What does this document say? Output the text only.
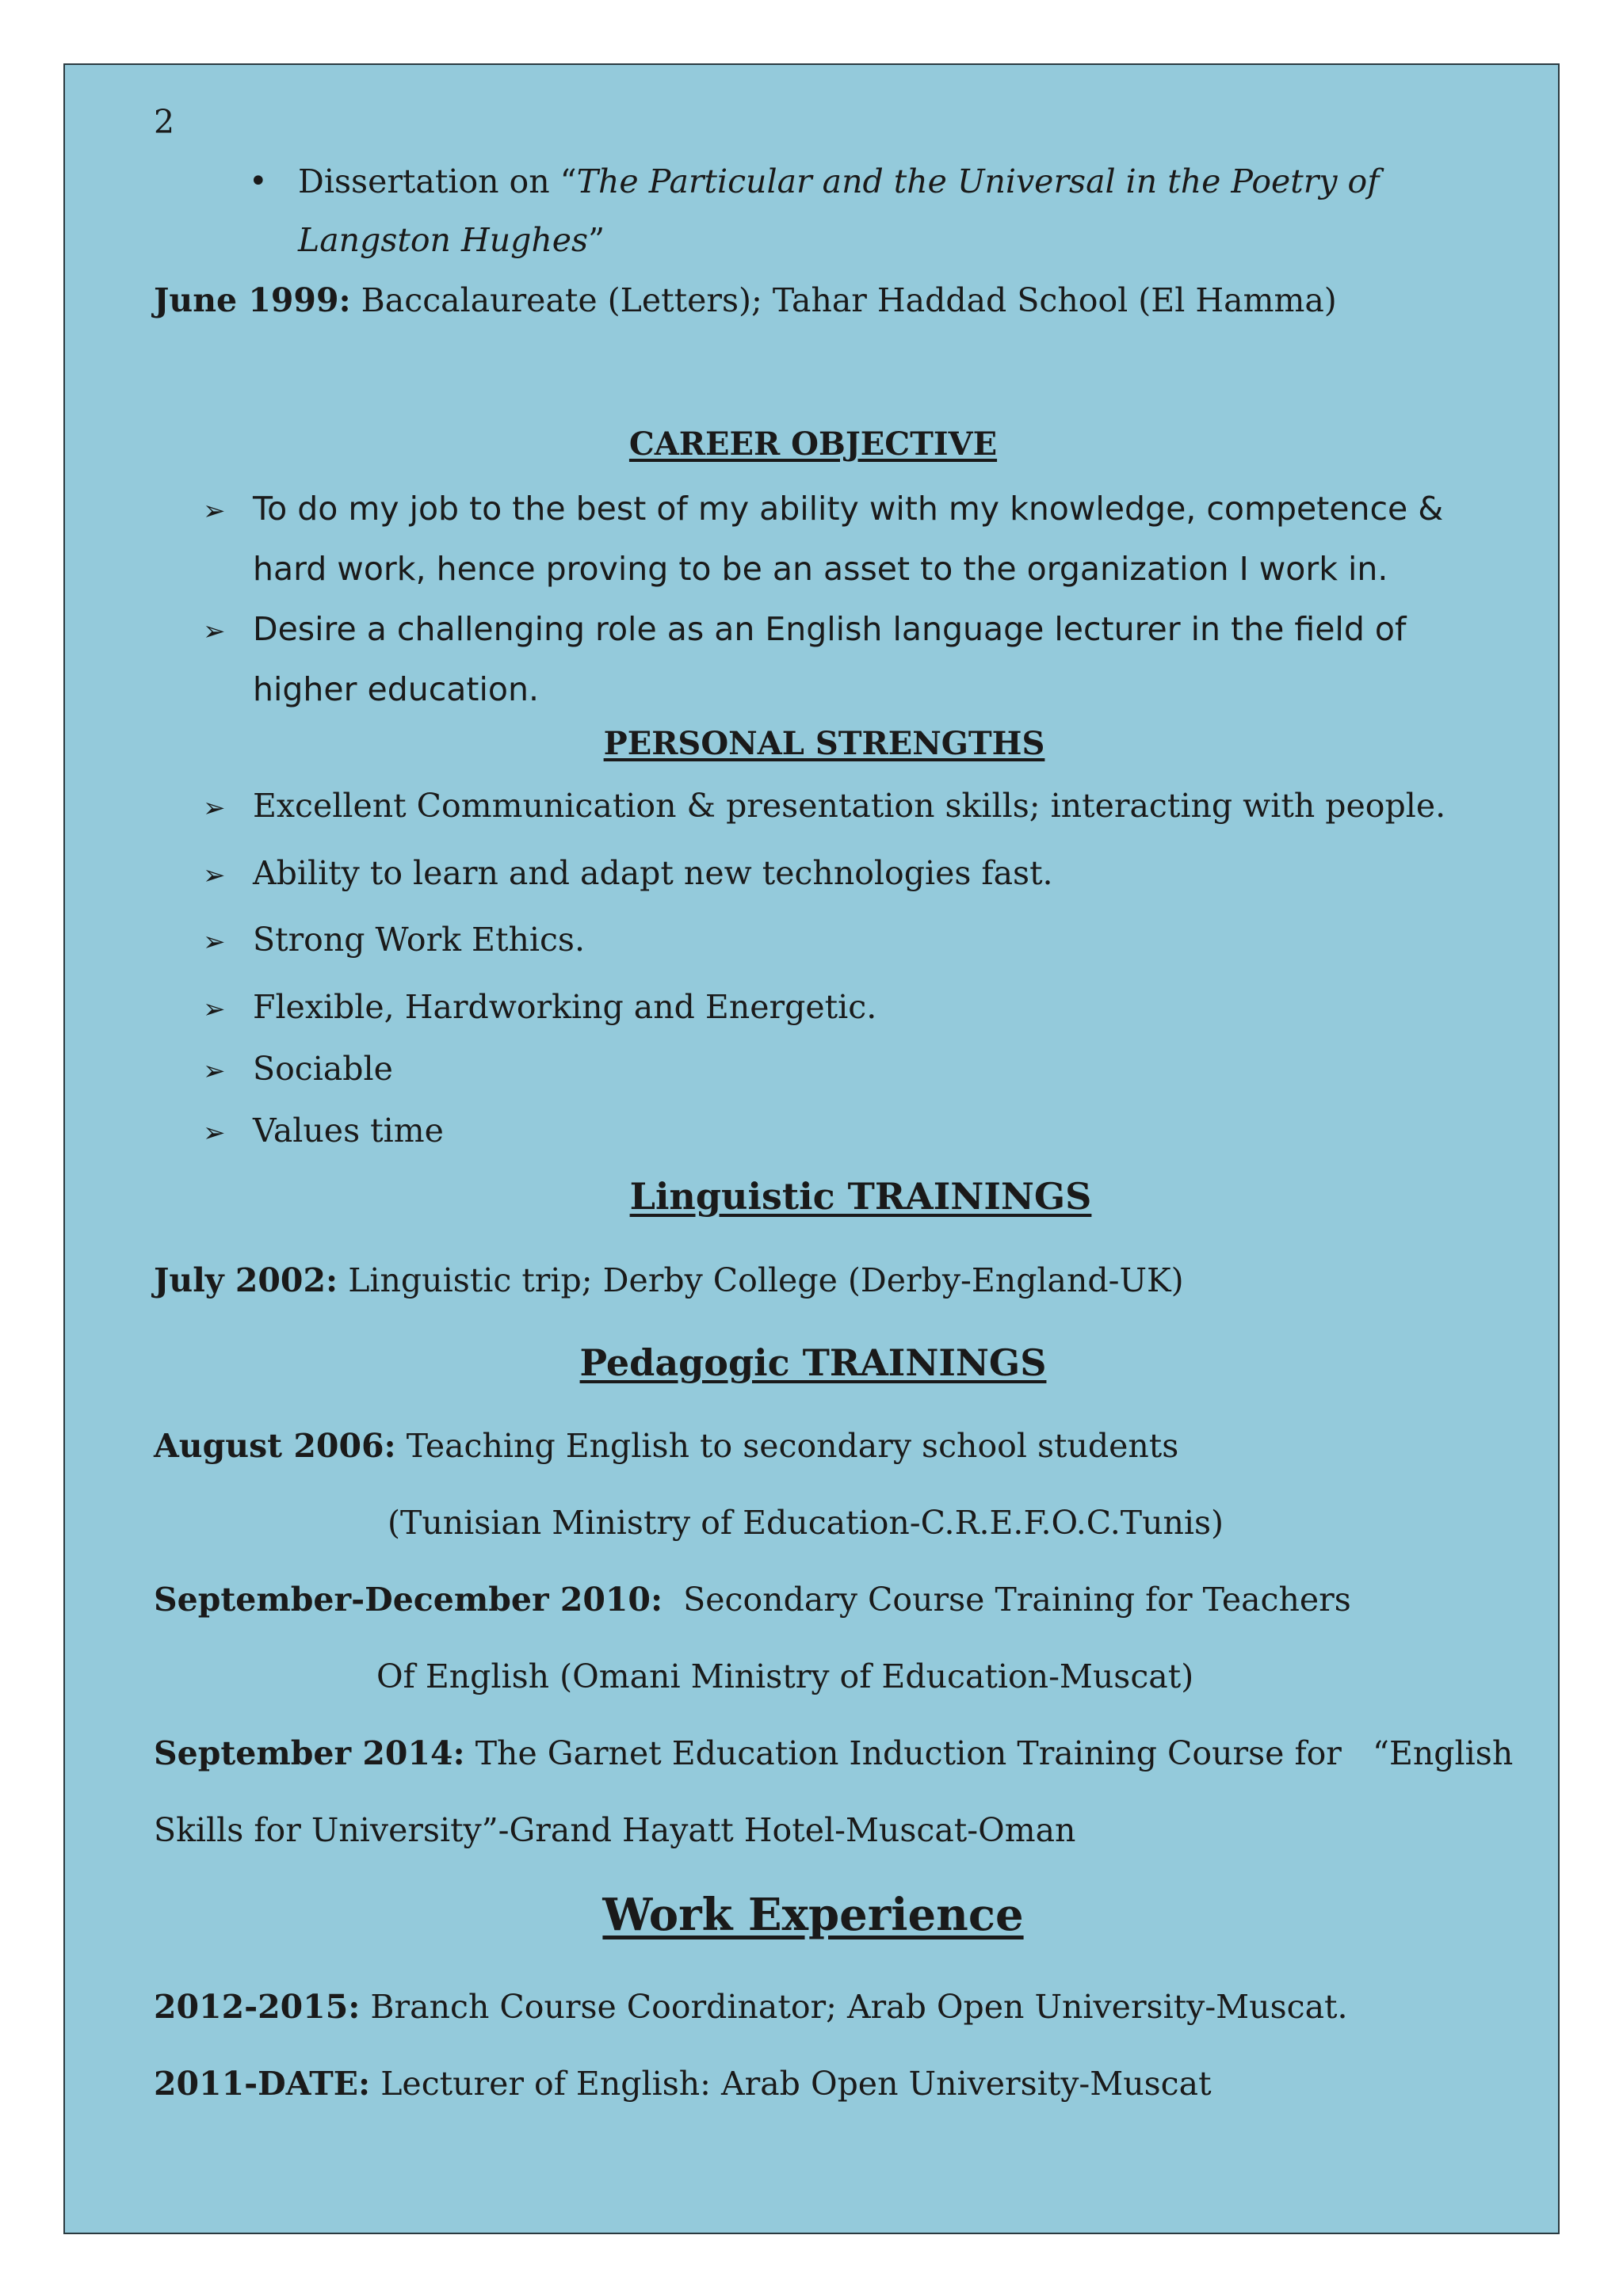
2
• Dissertation on “The Particular and the Universal in the Poetry of
Langston Hughes”
June 1999: Baccalaureate (Letters); Tahar Haddad School (El Hamma)
CAREER OBJECTIVE
➢ To do my job to the best of my ability with my knowledge, competence &
hard work, hence proving to be an asset to the organization I work in.
➢ Desire a challenging role as an English language lecturer in the field of
higher education.
PERSONAL STRENGTHS
➢ Excellent Communication & presentation skills; interacting with people.
➢ Ability to learn and adapt new technologies fast.
➢ Strong Work Ethics.
➢ Flexible, Hardworking and Energetic.
➢ Sociable
➢ Values time
Linguistic TRAININGS
July 2002: Linguistic trip; Derby College (Derby-England-UK)
Pedagogic TRAININGS
August 2006: Teaching English to secondary school students
(Tunisian Ministry of Education-C.R.E.F.O.C.Tunis)
September-December 2010:  Secondary Course Training for Teachers
Of English (Omani Ministry of Education-Muscat)
September 2014: The Garnet Education Induction Training Course for   “English
Skills for University”-Grand Hayatt Hotel-Muscat-Oman
Work Experience
2012-2015: Branch Course Coordinator; Arab Open University-Muscat.
2011-DATE: Lecturer of English: Arab Open University-Muscat
